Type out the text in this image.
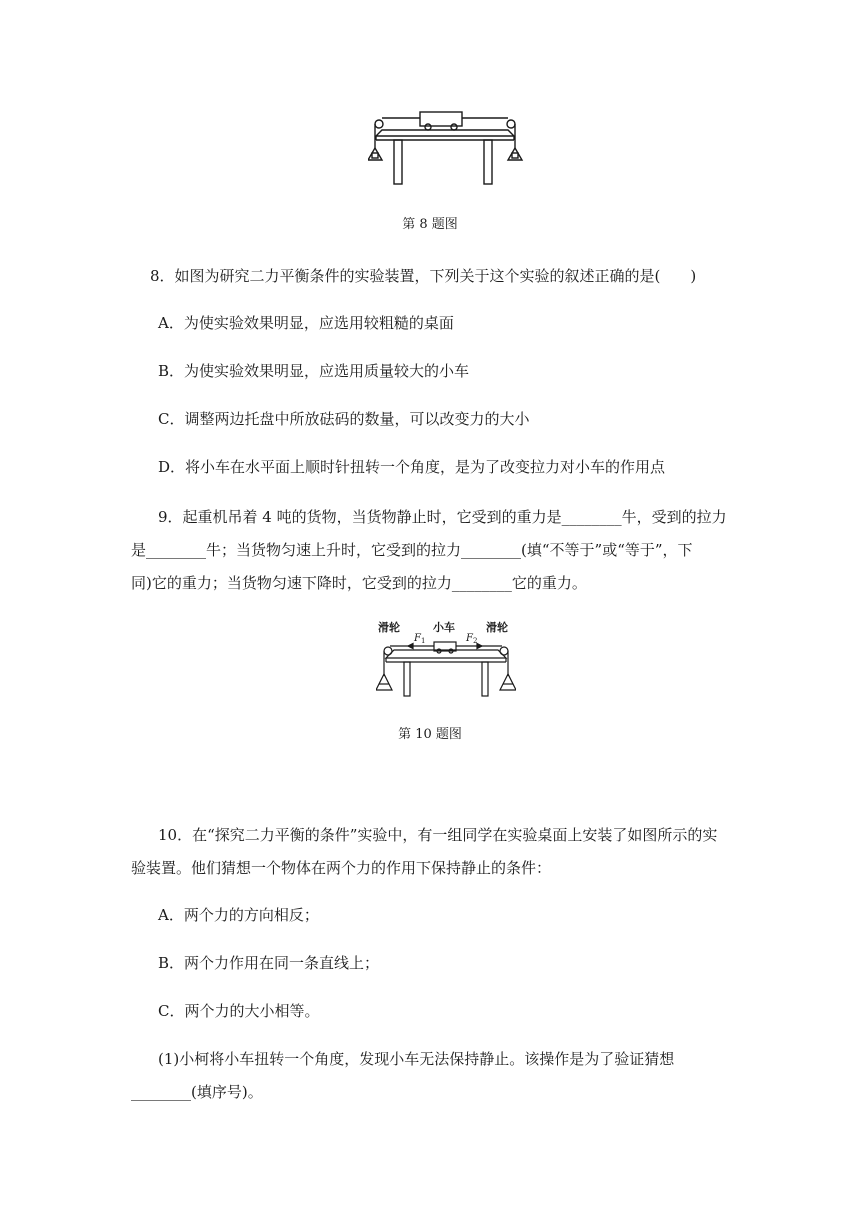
第 8 题图
8．如图为研究二力平衡条件的实验装置，下列关于这个实验的叙述正确的是(　　)
A．为使实验效果明显，应选用较粗糙的桌面
B．为使实验效果明显，应选用质量较大的小车
C．调整两边托盘中所放砝码的数量，可以改变力的大小
D．将小车在水平面上顺时针扭转一个角度，是为了改变拉力对小车的作用点
9．起重机吊着 4 吨的货物，当货物静止时，它受到的重力是________牛，受到的拉力
是________牛；当货物匀速上升时，它受到的拉力________(填“不等于”或“等于”，下
同)它的重力；当货物匀速下降时，它受到的拉力________它的重力。
滑轮	小车	滑轮
F 1	F 2
第 10 题图
10．在“探究二力平衡的条件”实验中，有一组同学在实验桌面上安装了如图所示的实
验装置。他们猜想一个物体在两个力的作用下保持静止的条件：
A．两个力的方向相反；
B．两个力作用在同一条直线上；
C．两个力的大小相等。
(1)小柯将小车扭转一个角度，发现小车无法保持静止。该操作是为了验证猜想
________(填序号)。
